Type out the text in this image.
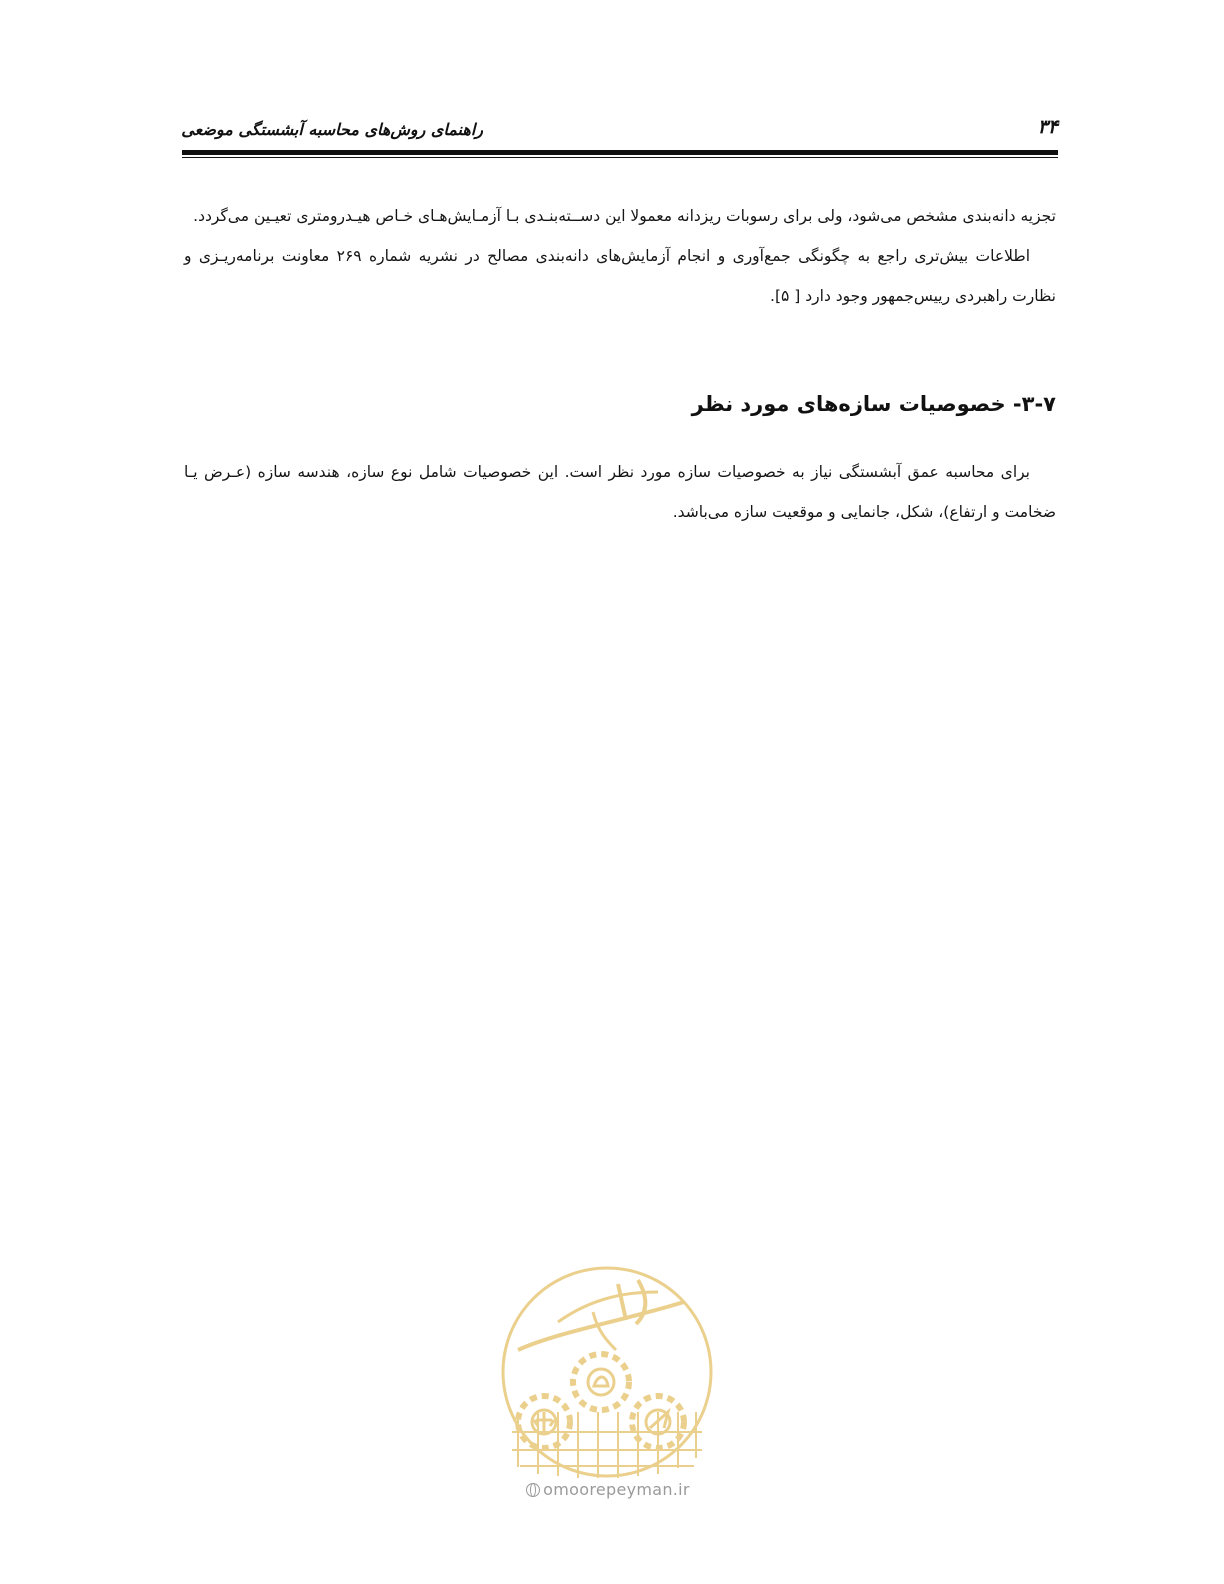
۳۴
راهنمای روش‌های محاسبه آبشستگی موضعی

تجزیه دانه‌بندی مشخص می‌شود، ولی برای رسوبات ریزدانه معمولا این دســته‌بنـدی بـا آزمـایش‌هـای خـاص هیـدرومتری تعیـین می‌گردد.

اطلاعات بیش‌تری راجع به چگونگی جمع‌آوری و انجام آزمایش‌های دانه‌بندی مصالح در نشریه شماره ۲۶۹ معاونت برنامه‌ریـزی و نظارت راهبردی رییس‌جمهور وجود دارد [ ۵].

۳-۷- خصوصیات سازه‌های مورد نظر

برای محاسبه عمق آبشستگی نیاز به خصوصیات سازه مورد نظر است. این خصوصیات شامل نوع سازه، هندسه سازه (عـرض یـا ضخامت و ارتفاع)، شکل، جانمایی و موقعیت سازه می‌باشد.

omoorepeyman.ir
